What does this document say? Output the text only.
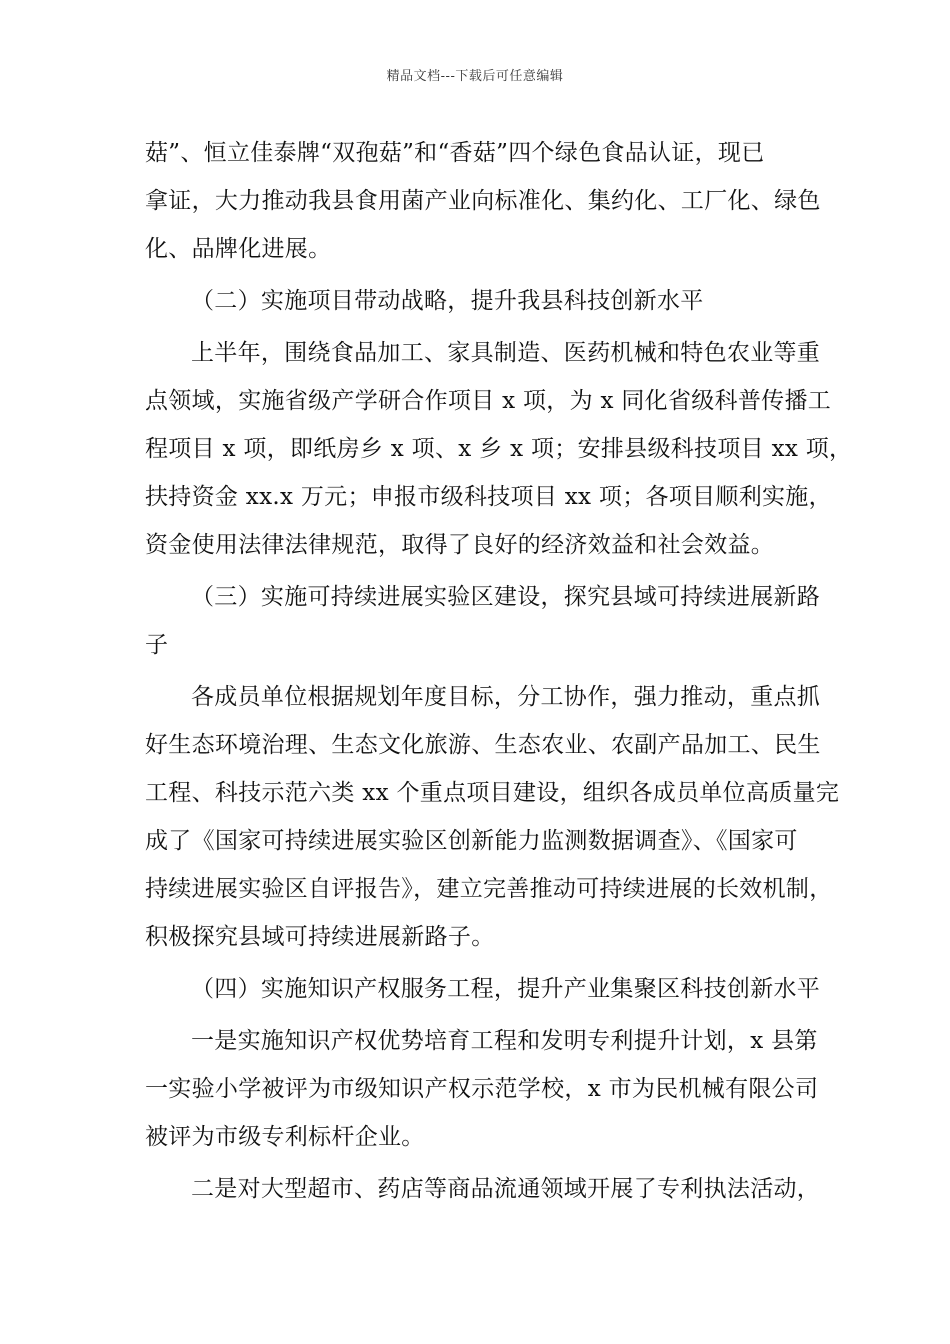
精品文档---下载后可任意编辑
菇”、恒立佳泰牌“双孢菇”和“香菇”四个绿色食品认证，现已
拿证，大力推动我县食用菌产业向标准化、集约化、工厂化、绿色
化、品牌化进展。
（二）实施项目带动战略，提升我县科技创新水平
上半年，围绕食品加工、家具制造、医药机械和特色农业等重
点领域，实施省级产学研合作项目 x 项，为 x 同化省级科普传播工
程项目 x 项，即纸房乡 x 项、x 乡 x 项；安排县级科技项目 xx 项，
扶持资金 xx.x 万元；申报市级科技项目 xx 项；各项目顺利实施，
资金使用法律法律规范，取得了良好的经济效益和社会效益。
（三）实施可持续进展实验区建设，探究县域可持续进展新路
子
各成员单位根据规划年度目标，分工协作，强力推动，重点抓
好生态环境治理、生态文化旅游、生态农业、农副产品加工、民生
工程、科技示范六类 xx 个重点项目建设，组织各成员单位高质量完
成了《国家可持续进展实验区创新能力监测数据调查》、《国家可
持续进展实验区自评报告》，建立完善推动可持续进展的长效机制，
积极探究县域可持续进展新路子。
（四）实施知识产权服务工程，提升产业集聚区科技创新水平
一是实施知识产权优势培育工程和发明专利提升计划，x 县第
一实验小学被评为市级知识产权示范学校，x 市为民机械有限公司
被评为市级专利标杆企业。
二是对大型超市、药店等商品流通领域开展了专利执法活动，
